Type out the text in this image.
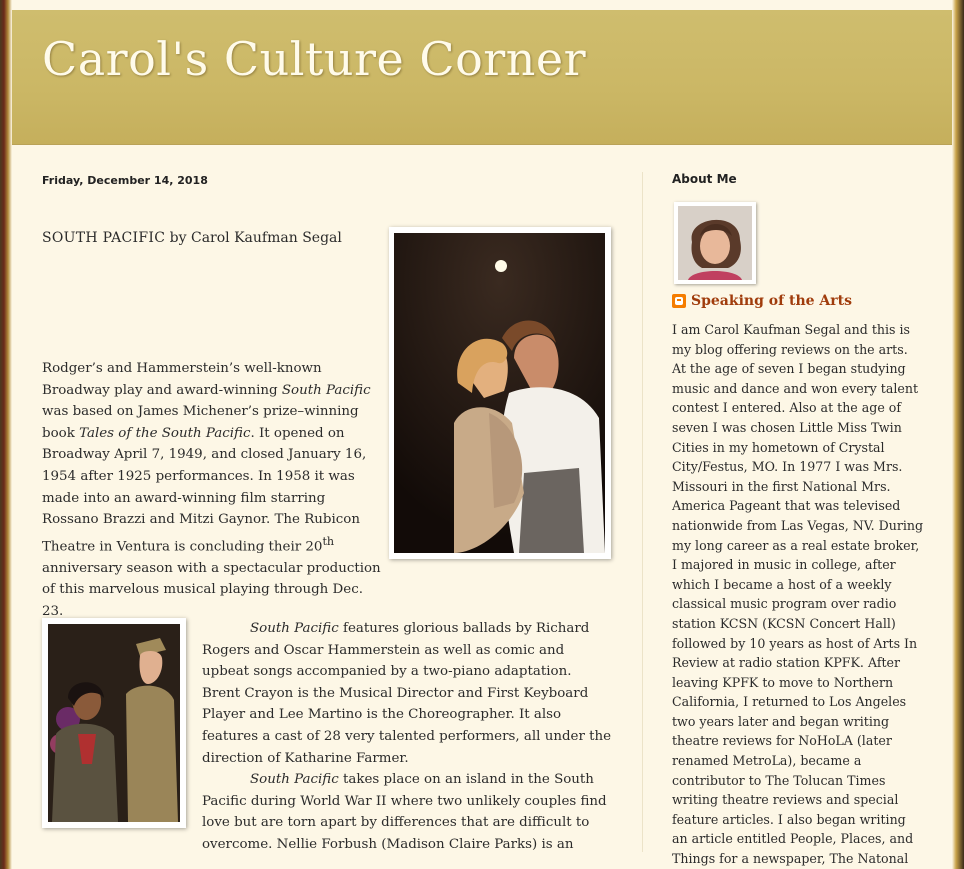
Carol's Culture Corner
Friday, December 14, 2018

SOUTH PACIFIC by Carol Kaufman Segal

Rodger’s and Hammerstein’s well-known Broadway play and award-winning South Pacific was based on James Michener’s prize–winning book Tales of the South Pacific. It opened on Broadway April 7, 1949, and closed January 16, 1954 after 1925 performances. In 1958 it was made into an award-winning film starring Rossano Brazzi and Mitzi Gaynor. The Rubicon Theatre in Ventura is concluding their 20th anniversary season with a spectacular production of this marvelous musical playing through Dec. 23.

South Pacific features glorious ballads by Richard Rogers and Oscar Hammerstein as well as comic and upbeat songs accompanied by a two-piano adaptation. Brent Crayon is the Musical Director and First Keyboard Player and Lee Martino is the Choreographer. It also features a cast of 28 very talented performers, all under the direction of Katharine Farmer.

South Pacific takes place on an island in the South Pacific during World War II where two unlikely couples find love but are torn apart by differences that are difficult to overcome. Nellie Forbush (Madison Claire Parks) is an

About Me
Speaking of the Arts
I am Carol Kaufman Segal and this is my blog offering reviews on the arts. At the age of seven I began studying music and dance and won every talent contest I entered. Also at the age of seven I was chosen Little Miss Twin Cities in my hometown of Crystal City/Festus, MO. In 1977 I was Mrs. Missouri in the first National Mrs. America Pageant that was televised nationwide from Las Vegas, NV. During my long career as a real estate broker, I majored in music in college, after which I became a host of a weekly classical music program over radio station KCSN (KCSN Concert Hall) followed by 10 years as host of Arts In Review at radio station KPFK. After leaving KPFK to move to Northern California, I returned to Los Angeles two years later and began writing theatre reviews for NoHoLA (later renamed MetroLa), became a contributor to The Tolucan Times writing theatre reviews and special feature articles. I also began writing an article entitled People, Places, and Things for a newspaper, The Natonal
